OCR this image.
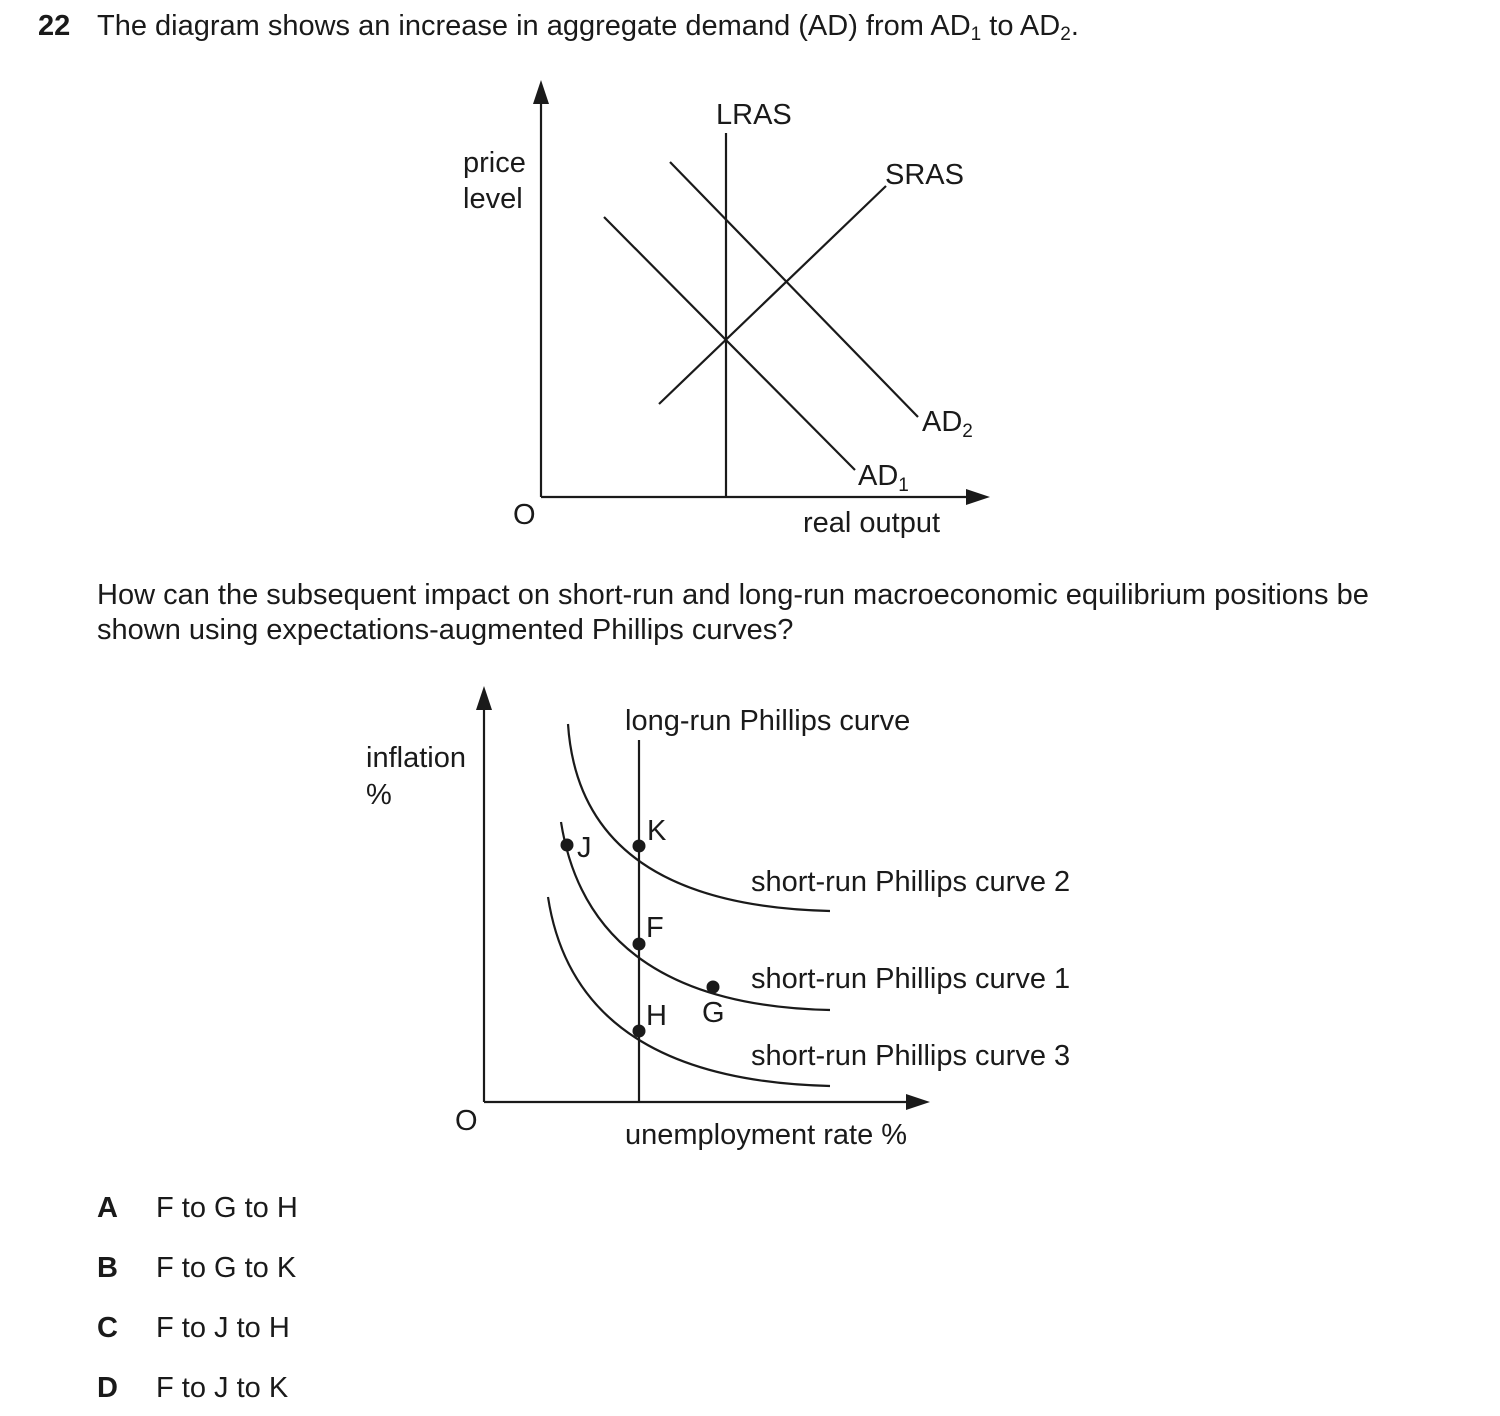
22 The diagram shows an increase in aggregate demand (AD) from AD1 to AD2.
price
level
O	real output
LRAS
SRAS
$AD_2$
$AD_1$
How can the subsequent impact on short-run and long-run macroeconomic equilibrium positions be shown using expectations-augmented Phillips curves?
inflation
%
O	unemployment rate %
long-run Phillips curve
short-run Phillips curve 2
short-run Phillips curve 1
short-run Phillips curve 3
K
J
F
G
H
A F to G to H
B F to G to K
C F to J to H
D F to J to K
